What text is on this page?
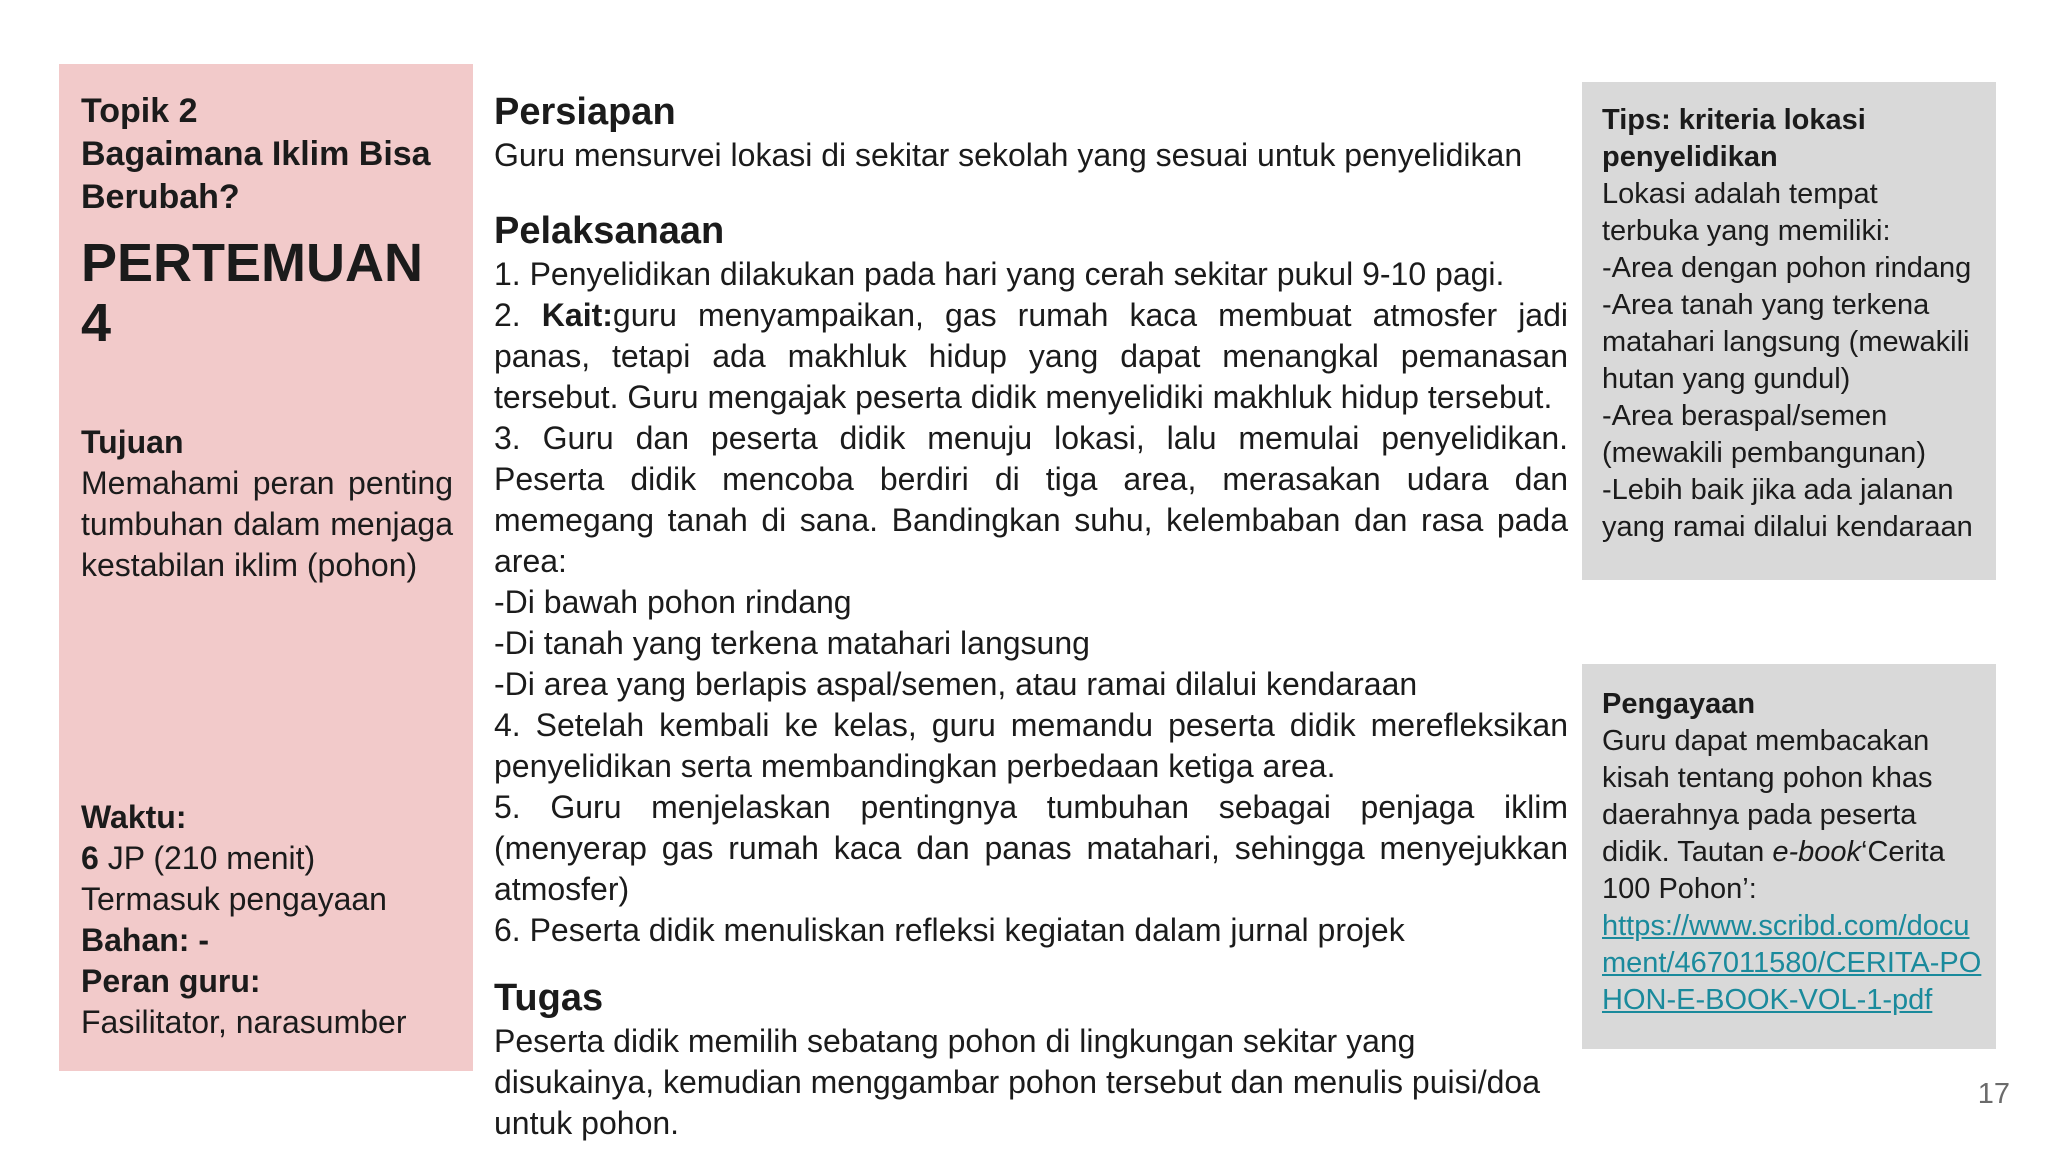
Topik 2
Bagaimana Iklim Bisa
Berubah?
PERTEMUAN 4
Tujuan
Memahami peran penting tumbuhan dalam menjaga kestabilan iklim (pohon)
Waktu:
6 JP (210 menit)
Termasuk pengayaan
Bahan: -
Peran guru:
Fasilitator, narasumber
Persiapan

Guru mensurvei lokasi di sekitar sekolah yang sesuai untuk penyelidikan

Pelaksanaan

1. Penyelidikan dilakukan pada hari yang cerah sekitar pukul 9-10 pagi.

2. Kait:guru menyampaikan, gas rumah kaca membuat atmosfer jadi panas, tetapi ada makhluk hidup yang dapat menangkal pemanasan tersebut. Guru mengajak peserta didik menyelidiki makhluk hidup tersebut.

3. Guru dan peserta didik menuju lokasi, lalu memulai penyelidikan. Peserta didik mencoba berdiri di tiga area, merasakan udara dan memegang tanah di sana. Bandingkan suhu, kelembaban dan rasa pada area:

-Di bawah pohon rindang

-Di tanah yang terkena matahari langsung

-Di area yang berlapis aspal/semen, atau ramai dilalui kendaraan

4. Setelah kembali ke kelas, guru memandu peserta didik merefleksikan penyelidikan serta membandingkan perbedaan ketiga area.

5. Guru menjelaskan pentingnya tumbuhan sebagai penjaga iklim (menyerap gas rumah kaca dan panas matahari, sehingga menyejukkan atmosfer)

6. Peserta didik menuliskan refleksi kegiatan dalam jurnal projek

Tugas

Peserta didik memilih sebatang pohon di lingkungan sekitar yang disukainya, kemudian menggambar pohon tersebut dan menulis puisi/doa untuk pohon.

Tips: kriteria lokasi penyelidikan
Lokasi adalah tempat terbuka yang memiliki:
-Area dengan pohon rindang
-Area tanah yang terkena matahari langsung (mewakili hutan yang gundul)
-Area beraspal/semen (mewakili pembangunan)
-Lebih baik jika ada jalanan yang ramai dilalui kendaraan
Pengayaan
Guru dapat membacakan kisah tentang pohon khas daerahnya pada peserta didik. Tautan e-book‘Cerita 100 Pohon’:
https://www.scribd.com/document/467011580/CERITA-POHON-E-BOOK-VOL-1-pdf
17
